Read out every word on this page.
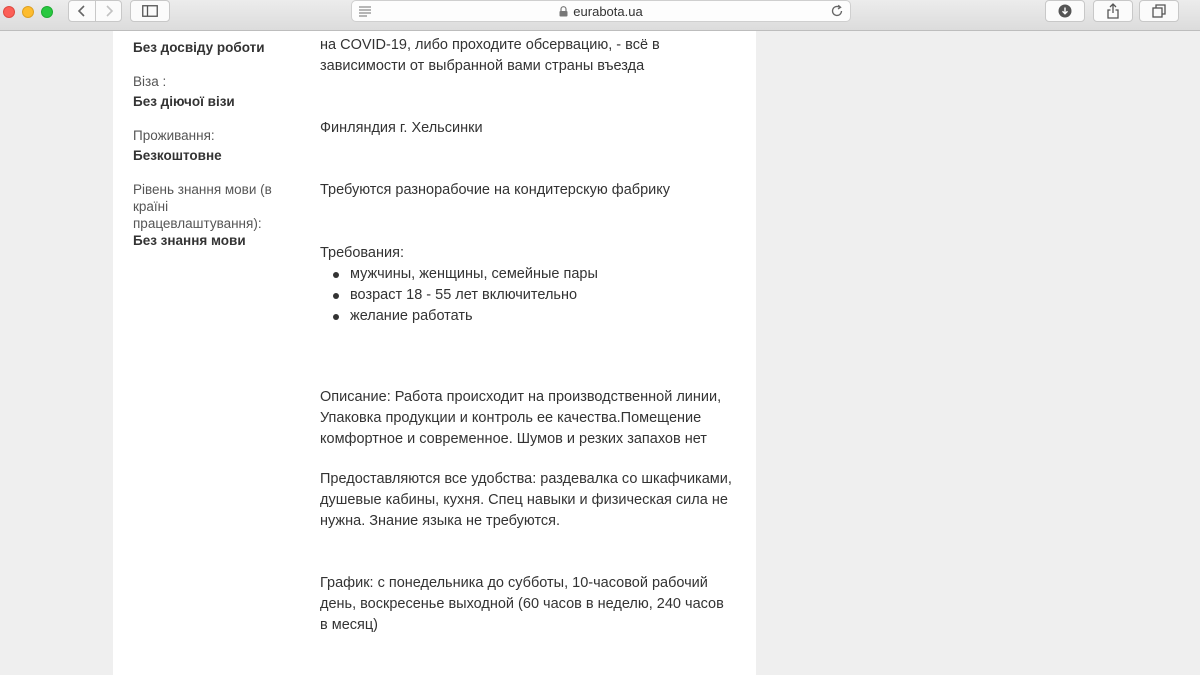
eurabota.ua
Без досвіду роботи
Віза :
Без діючої візи
Проживання:
Безкоштовне
Рівень знання мови (в країні працевлаштування):
Без знання мови
на COVID-19, либо проходите обсервацию, - всё в зависимости от выбранной вами страны въезда
Финляндия г. Хельсинки
Требуются разнорабочие на кондитерскую фабрику
Требования:
мужчины, женщины, семейные пары
возраст 18 - 55 лет включительно
желание работать
Описание: Работа происходит на производственной линии, Упаковка продукции и контроль ее качества.Помещение комфортное и современное. Шумов и резких запахов нет
Предоставляются все удобства: раздевалка со шкафчиками, душевые кабины, кухня. Спец навыки и физическая сила не нужна. Знание языка не требуются.
График: с понедельника до субботы, 10-часовой рабочий день, воскресенье выходной (60 часов в неделю, 240 часов в месяц)
